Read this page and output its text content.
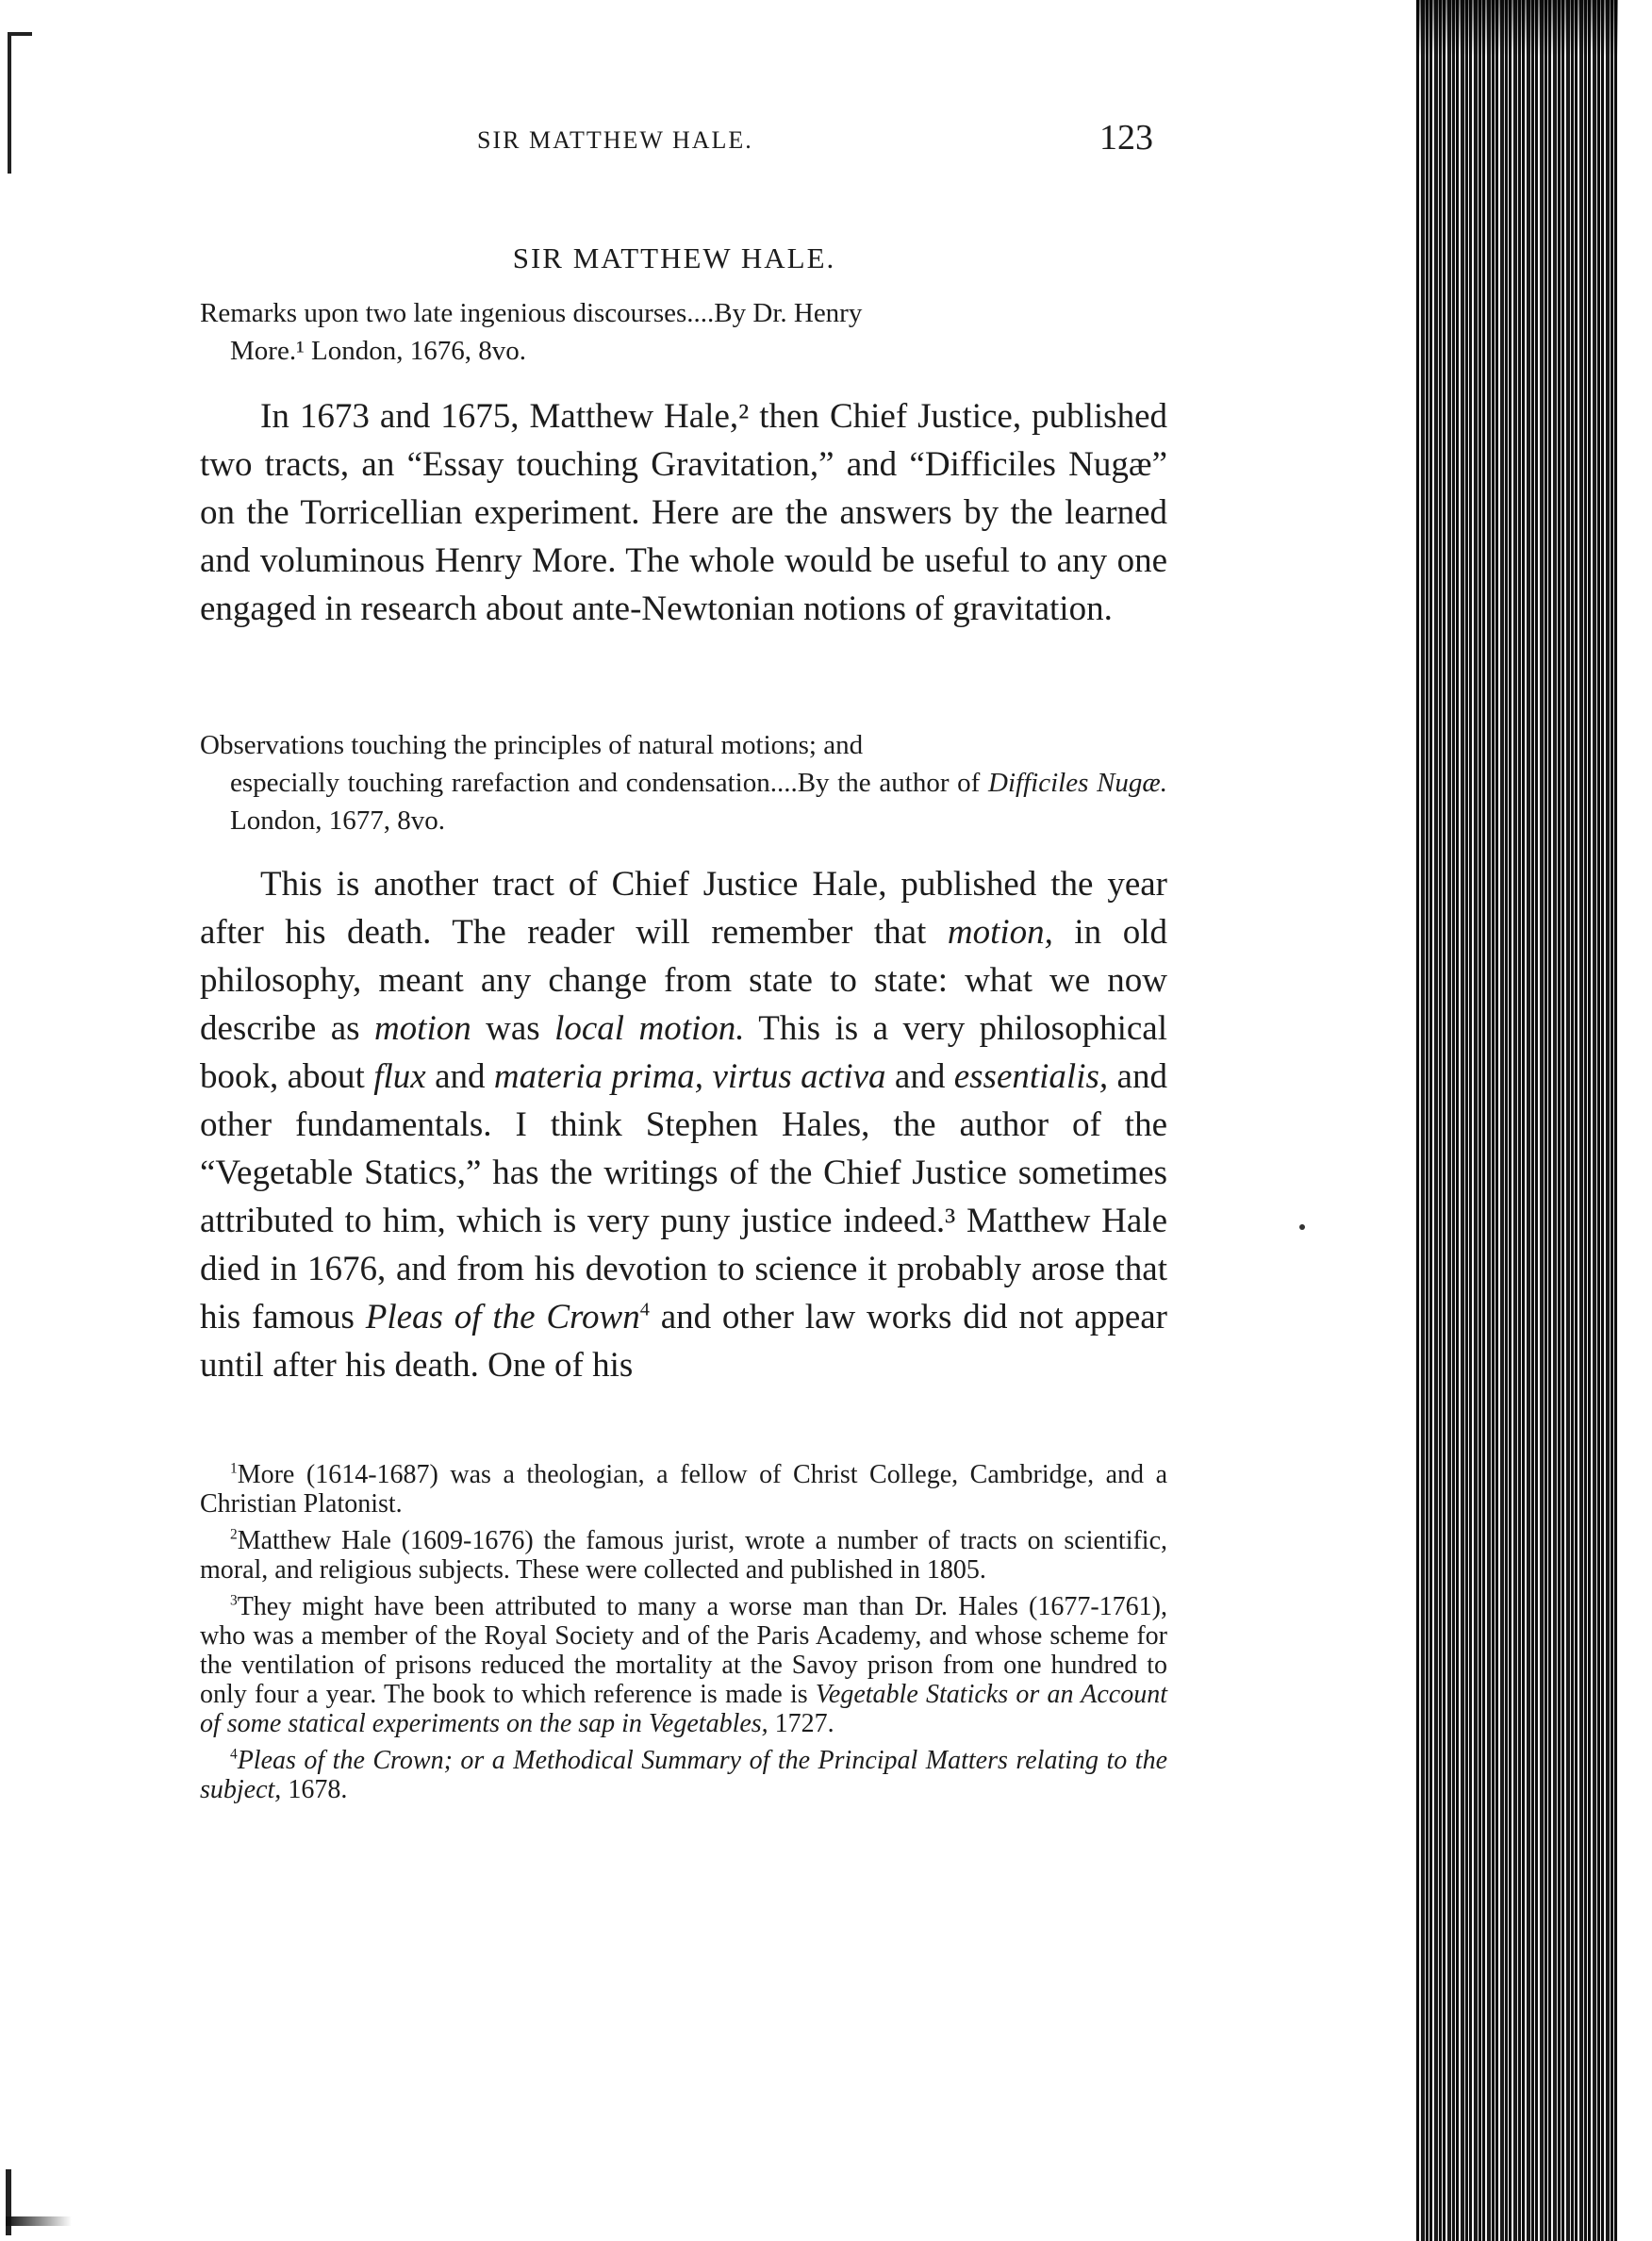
SIR MATTHEW HALE.	123
SIR MATTHEW HALE.
Remarks upon two late ingenious discourses....By Dr. Henry
More.¹ London, 1676, 8vo.

In 1673 and 1675, Matthew Hale,² then Chief Justice, published two tracts, an “Essay touching Gravitation,” and “Difficiles Nugæ” on the Torricellian experiment. Here are the answers by the learned and voluminous Henry More. The whole would be useful to any one engaged in research about ante-Newtonian notions of gravitation.

Observations touching the principles of natural motions; and
especially touching rarefaction and condensation....By the author of Difficiles Nugæ. London, 1677, 8vo.

This is another tract of Chief Justice Hale, published the year after his death. The reader will remember that motion, in old philosophy, meant any change from state to state: what we now describe as motion was local motion. This is a very philosophical book, about flux and materia prima, virtus activa and essentialis, and other fundamentals. I think Stephen Hales, the author of the “Vegetable Statics,” has the writings of the Chief Justice sometimes attributed to him, which is very puny justice indeed.³ Matthew Hale died in 1676, and from his devotion to science it probably arose that his famous Pleas of the Crown$^4$ and other law works did not appear until after his death. One of his

$^1$More (1614-1687) was a theologian, a fellow of Christ College, Cambridge, and a Christian Platonist.

$^2$Matthew Hale (1609-1676) the famous jurist, wrote a number of tracts on scientific, moral, and religious subjects. These were collected and published in 1805.

$^3$They might have been attributed to many a worse man than Dr. Hales (1677-1761), who was a member of the Royal Society and of the Paris Academy, and whose scheme for the ventilation of prisons reduced the mortality at the Savoy prison from one hundred to only four a year. The book to which reference is made is Vegetable Staticks or an Account of some statical experiments on the sap in Vegetables, 1727.

$^4$Pleas of the Crown; or a Methodical Summary of the Principal Matters relating to the subject, 1678.
